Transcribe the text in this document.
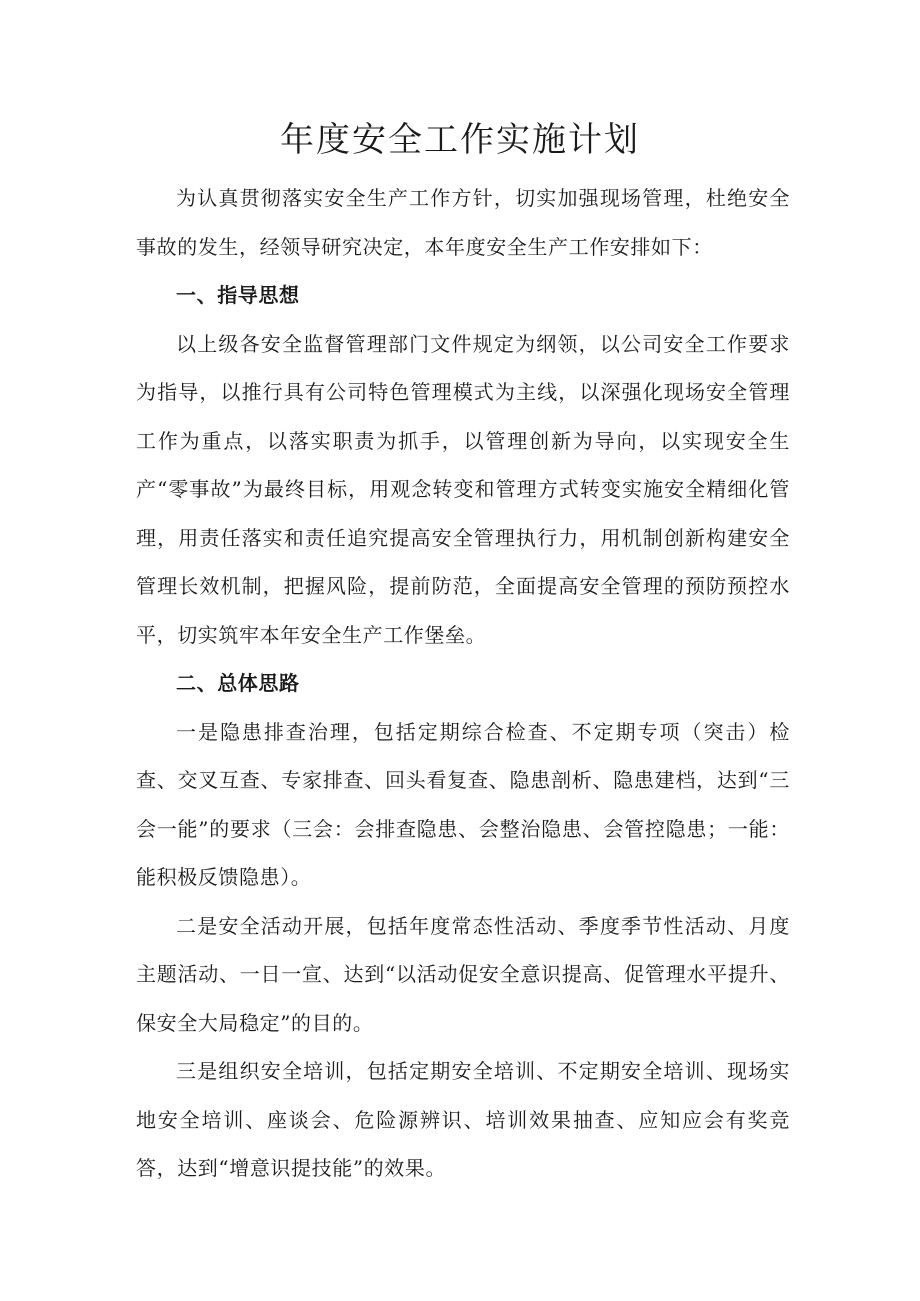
年度安全工作实施计划

为认真贯彻落实安全生产工作方针，切实加强现场管理，杜绝安全事故的发生，经领导研究决定，本年度安全生产工作安排如下：

一、指导思想

以上级各安全监督管理部门文件规定为纲领，以公司安全工作要求为指导，以推行具有公司特色管理模式为主线，以深强化现场安全管理工作为重点，以落实职责为抓手，以管理创新为导向，以实现安全生产“零事故”为最终目标，用观念转变和管理方式转变实施安全精细化管理，用责任落实和责任追究提高安全管理执行力，用机制创新构建安全管理长效机制，把握风险，提前防范，全面提高安全管理的预防预控水平，切实筑牢本年安全生产工作堡垒。

二、总体思路

一是隐患排查治理，包括定期综合检查、不定期专项（突击）检查、交叉互查、专家排查、回头看复查、隐患剖析、隐患建档，达到“三会一能”的要求（三会：会排查隐患、会整治隐患、会管控隐患；一能：能积极反馈隐患）。

二是安全活动开展，包括年度常态性活动、季度季节性活动、月度主题活动、一日一宣、达到“以活动促安全意识提高、促管理水平提升、保安全大局稳定”的目的。

三是组织安全培训，包括定期安全培训、不定期安全培训、现场实地安全培训、座谈会、危险源辨识、培训效果抽查、应知应会有奖竞答，达到“增意识提技能”的效果。
